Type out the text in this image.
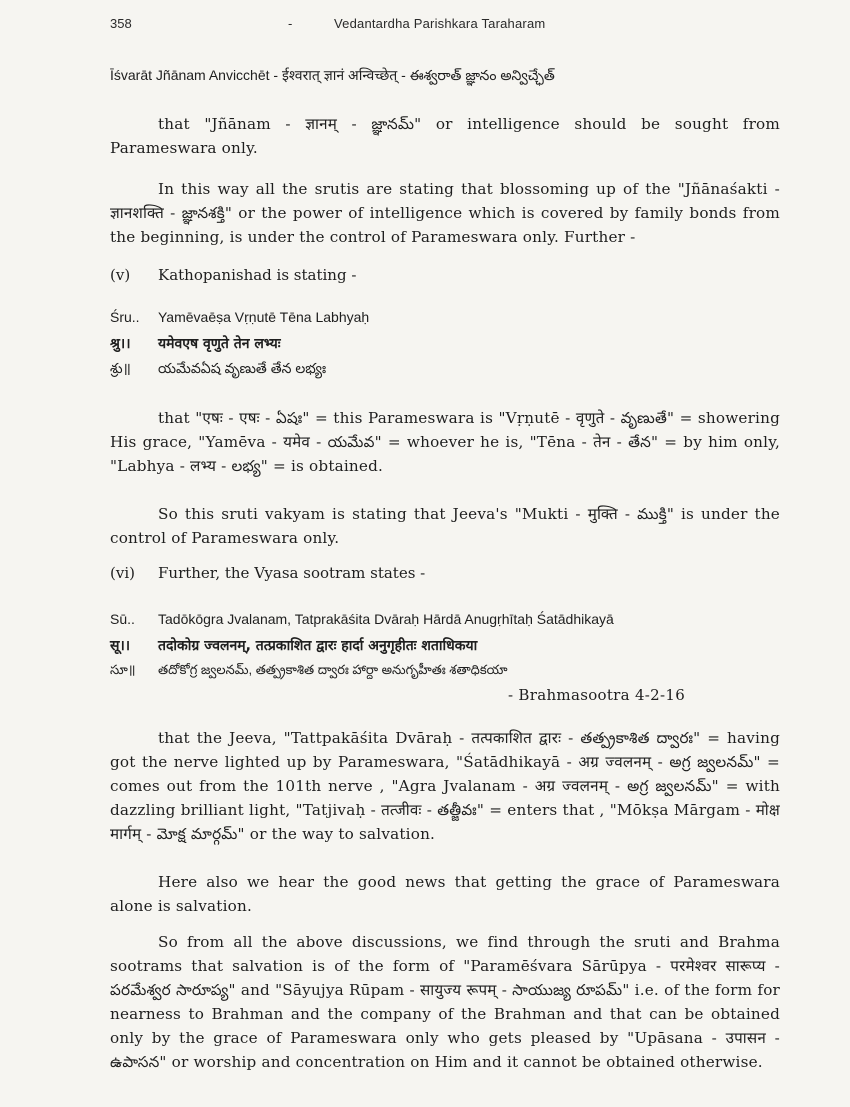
358	-	Vedantardha Parishkara Taraharam
Īśvarāt Jñānam Anvicchēt - ईश्वरात् ज्ञानं अन्विच्छेत् - ఈశ్వరాత్ జ్ఞానం అన్విచ్ఛేత్
that "Jñānam - ज्ञानम् - జ్ఞానమ్" or intelligence should be sought from Parameswara only.
In this way all the srutis are stating that blossoming up of the "Jñānaśakti - ज्ञानशक्ति - జ్ఞానశక్తి" or the power of intelligence which is covered by family bonds from the beginning, is under the control of Parameswara only. Further -
(v) Kathopanishad is stating -
Śru.. Yamēvaēṣa Vṛṇutē Tēna Labhyaḥ
श्रु।। यमेवएष वृणुते तेन लभ्यः
శ్రు॥ యమేవఏష వృణుతే తేన లభ్యః
that "एषः - एषः - ఏషః" = this Parameswara is "Vṛṇutē - वृणुते - వృణుతే" = showering His grace, "Yamēva - यमेव - యమేవ" = whoever he is, "Tēna - तेन - తేన" = by him only, "Labhya - लभ्य - లభ్య" = is obtained.
So this sruti vakyam is stating that Jeeva's "Mukti - मुक्ति - ముక్తి" is under the control of Parameswara only.
(vi) Further, the Vyasa sootram states -
Sū.. Tadōkōgra Jvalanam, Tatprakāśita Dvāraḥ Hārdā Anugṛhītaḥ Śatādhikayā
सू।। तदोकोग्र ज्वलनम्, तत्प्रकाशित द्वारः हार्दा अनुगृहीतः शताधिकया
సూ॥ తదోకోగ్ర జ్వలనమ్, తత్ప్రకాశిత ద్వారః హార్దా అనుగృహీతః శతాధికయా
- Brahmasootra 4-2-16
that the Jeeva, "Tattpakāśita Dvāraḥ - तत्पकाशित द्वारः - తత్ప్రకాశిత ద్వారః" = having got the nerve lighted up by Parameswara, "Śatādhikayā - अग्र ज्वलनम् - అగ్ర జ్వలనమ్" = comes out from the 101th nerve , "Agra Jvalanam - अग्र ज्वलनम् - అగ్ర జ్వలనమ్" = with dazzling brilliant light, "Tatjivaḥ - तत्जीवः - తత్జీవః" = enters that , "Mōkṣa Mārgam - मोक्ष मार्गम् - మోక్ష మార్గమ్" or the way to salvation.
Here also we hear the good news that getting the grace of Parameswara alone is salvation.
So from all the above discussions, we find through the sruti and Brahma sootrams that salvation is of the form of "Paramēśvara Sārūpya - परमेश्वर सारूप्य - పరమేశ్వర సారూప్య" and "Sāyujya Rūpam - सायुज्य रूपम् - సాయుజ్య రూపమ్" i.e. of the form for nearness to Brahman and the company of the Brahman and that can be obtained only by the grace of Parameswara only who gets pleased by "Upāsana - उपासन - ఉపాసన" or worship and concentration on Him and it cannot be obtained otherwise.
